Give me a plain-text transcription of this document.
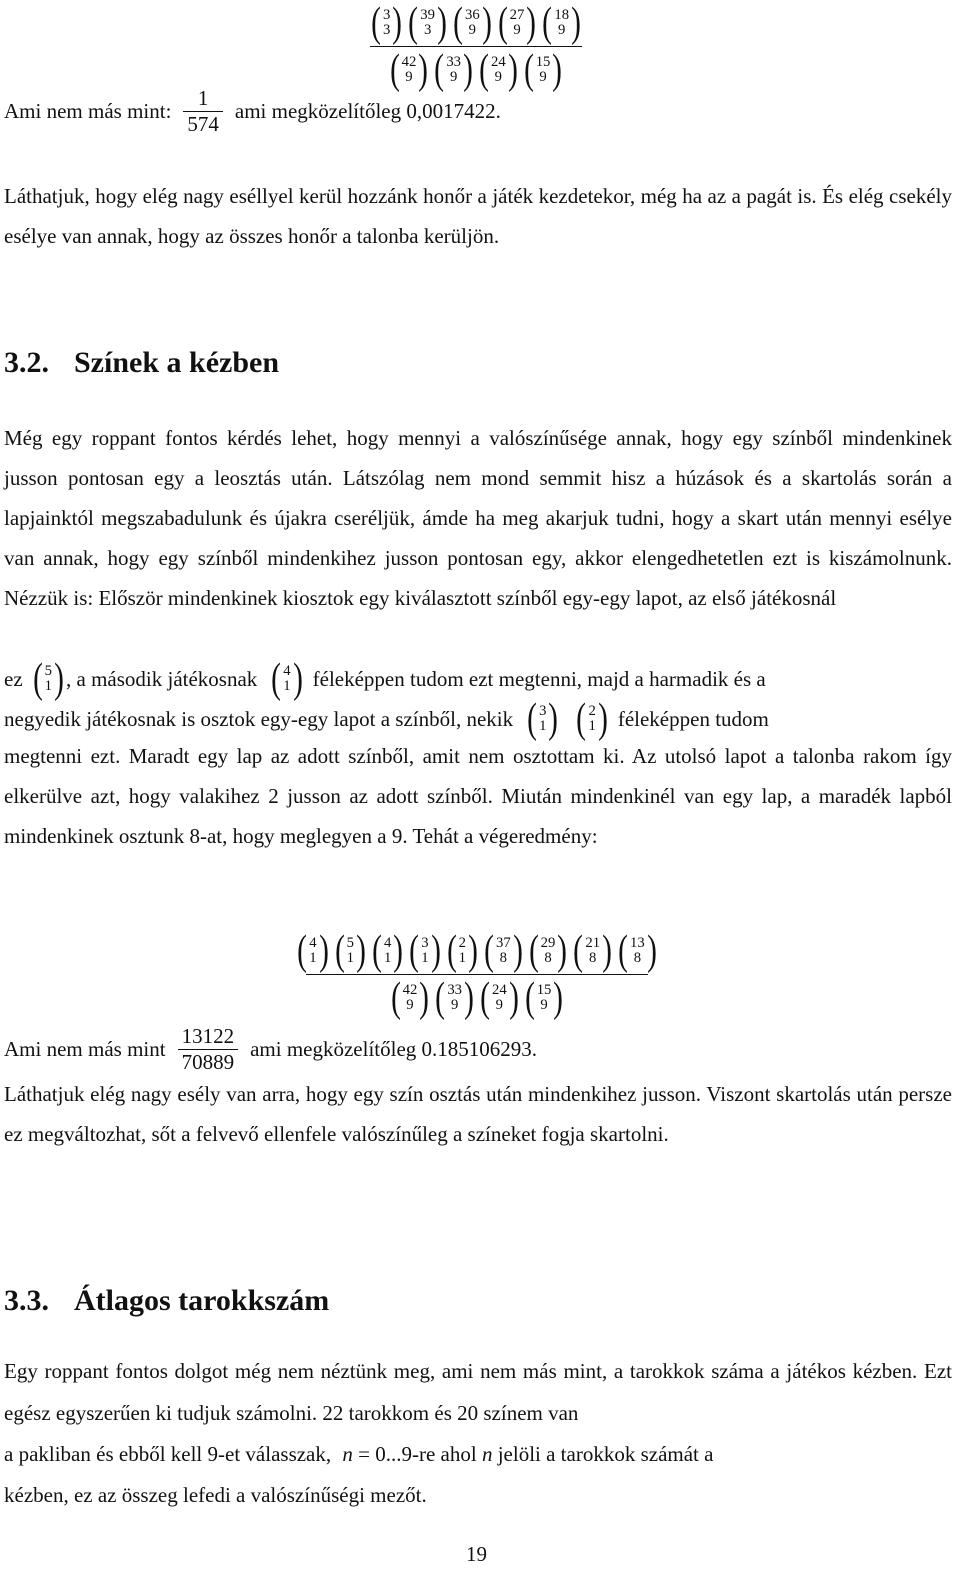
( 3
3 ) ( 39
3 ) ( 36
9 ) ( 27
9 ) ( 18
9 )
( 42
9 ) ( 33
9 ) ( 24
9 ) ( 15
9 )
Ami nem más mint: $\frac{1}{574}$ ami megközelítőleg 0,0017422.

Láthatjuk, hogy elég nagy eséllyel kerül hozzánk honőr a játék kezdetekor, még ha az a pagát is. És elég csekély esélye van annak, hogy az összes honőr a talonba kerüljön.

3.2. Színek a kézben

Még egy roppant fontos kérdés lehet, hogy mennyi a valószínűsége annak, hogy egy színből mindenkinek jusson pontosan egy a leosztás után. Látszólag nem mond semmit hisz a húzások és a skartolás során a lapjainktól megszabadulunk és újakra cseréljük, ámde ha meg akarjuk tudni, hogy a skart után mennyi esélye van annak, hogy egy színből mindenkihez jusson pontosan egy, akkor elengedhetetlen ezt is kiszámolnunk. Nézzük is: Először mindenkinek kiosztok egy kiválasztott színből egy-egy lapot, az első játékosnál

ez ( 5
1 ) , a második játékosnak ( 4
1 ) féleképpen tudom ezt megtenni, majd a harmadik és a
negyedik játékosnak is osztok egy-egy lapot a színből, nekik ( 3
1 ) ( 2
1 ) féleképpen tudom

megtenni ezt. Maradt egy lap az adott színből, amit nem osztottam ki. Az utolsó lapot a talonba rakom így elkerülve azt, hogy valakihez 2 jusson az adott színből. Miután mindenkinél van egy lap, a maradék lapból mindenkinek osztunk 8-at, hogy meglegyen a 9. Tehát a végeredmény:

( 4
1 ) ( 5
1 ) ( 4
1 ) ( 3
1 ) ( 2
1 ) ( 37
8 ) ( 29
8 ) ( 21
8 ) ( 13
8 )
( 42
9 ) ( 33
9 ) ( 24
9 ) ( 15
9 )
Ami nem más mint $\frac{13122}{70889}$ ami megközelítőleg 0.185106293.

Láthatjuk elég nagy esély van arra, hogy egy szín osztás után mindenkihez jusson. Viszont skartolás után persze ez megváltozhat, sőt a felvevő ellenfele valószínűleg a színeket fogja skartolni.

3.3. Átlagos tarokkszám

Egy roppant fontos dolgot még nem néztünk meg, ami nem más mint, a tarokkok száma a játékos kézben. Ezt egész egyszerűen ki tudjuk számolni. 22 tarokkom és 20 színem van

a pakliban és ebből kell 9-et válasszak, n = 0...9-re ahol n jelöli a tarokkok számát a

kézben, ez az összeg lefedi a valószínűségi mezőt.

19
